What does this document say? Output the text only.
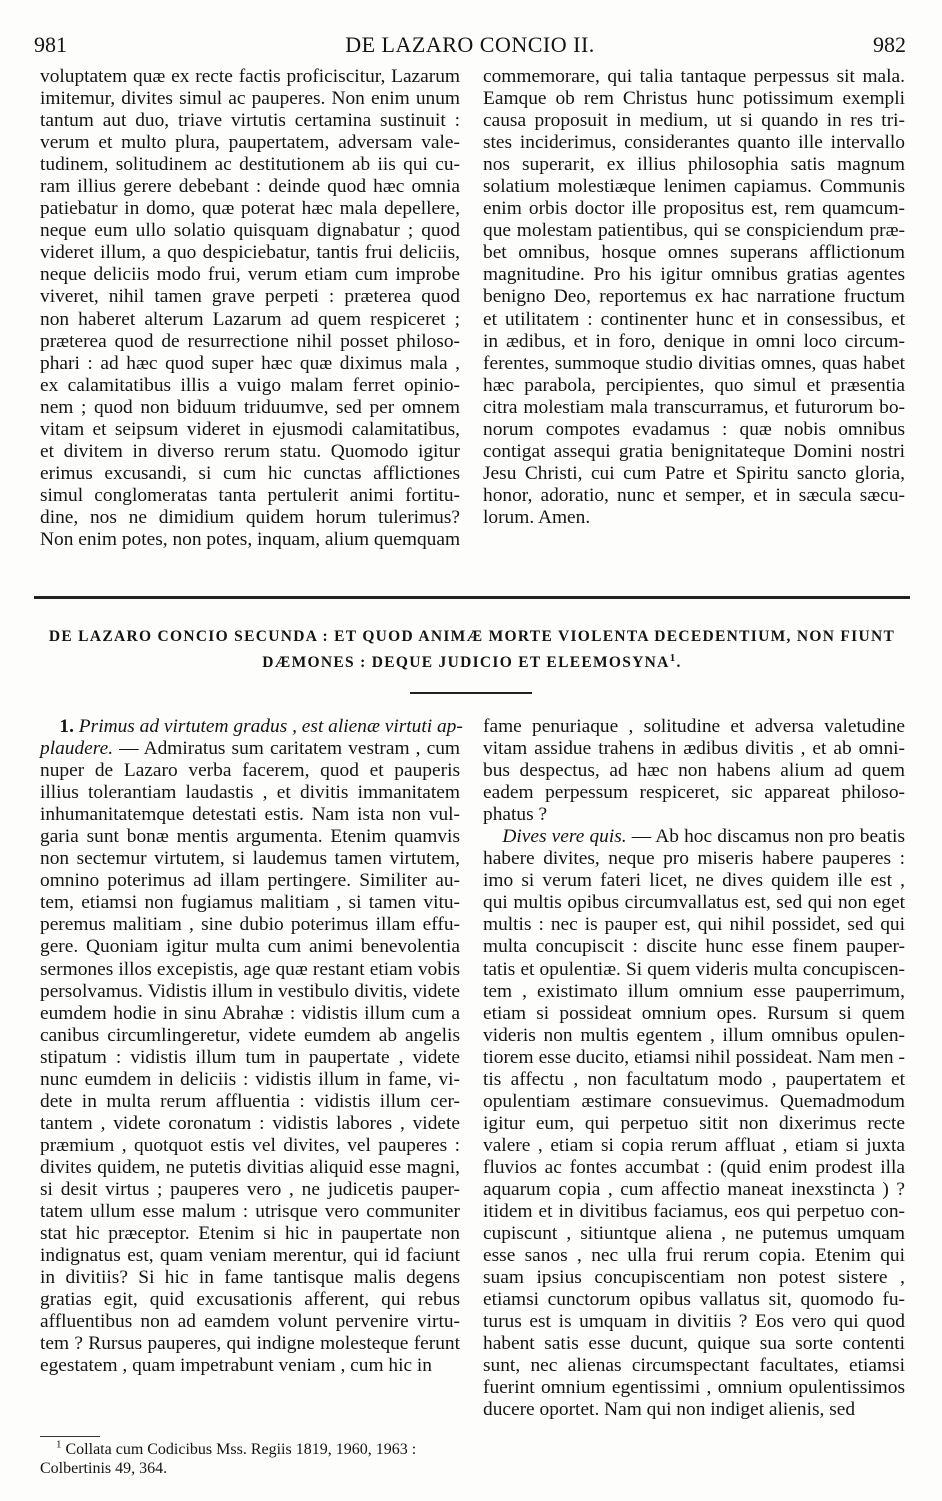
981	DE LAZARO CONCIO II.	982
voluptatem quæ ex recte factis proficiscitur, Lazarum
imitemur, divites simul ac pauperes. Non enim unum
tantum aut duo, triave virtutis certamina sustinuit :
verum et multo plura, paupertatem, adversam vale-
tudinem, solitudinem ac destitutionem ab iis qui cu-
ram illius gerere debebant : deinde quod hæc omnia
patiebatur in domo, quæ poterat hæc mala depellere,
neque eum ullo solatio quisquam dignabatur ; quod
videret illum, a quo despiciebatur, tantis frui deliciis,
neque deliciis modo frui, verum etiam cum improbe
viveret, nihil tamen grave perpeti : præterea quod
non haberet alterum Lazarum ad quem respiceret ;
præterea quod de resurrectione nihil posset philoso-
phari : ad hæc quod super hæc quæ diximus mala ,
ex calamitatibus illis a vuigo malam ferret opinio-
nem ; quod non biduum triduumve, sed per omnem
vitam et seipsum videret in ejusmodi calamitatibus,
et divitem in diverso rerum statu. Quomodo igitur
erimus excusandi, si cum hic cunctas afflictiones
simul conglomeratas tanta pertulerit animi fortitu-
dine, nos ne dimidium quidem horum tulerimus?
Non enim potes, non potes, inquam, alium quemquam
commemorare, qui talia tantaque perpessus sit mala.
Eamque ob rem Christus hunc potissimum exempli
causa proposuit in medium, ut si quando in res tri-
stes inciderimus, considerantes quanto ille intervallo
nos superarit, ex illius philosophia satis magnum
solatium molestiæque lenimen capiamus. Communis
enim orbis doctor ille propositus est, rem quamcum-
que molestam patientibus, qui se conspiciendum præ-
bet omnibus, hosque omnes superans afflictionum
magnitudine. Pro his igitur omnibus gratias agentes
benigno Deo, reportemus ex hac narratione fructum
et utilitatem : continenter hunc et in consessibus, et
in ædibus, et in foro, denique in omni loco circum-
ferentes, summoque studio divitias omnes, quas habet
hæc parabola, percipientes, quo simul et præsentia
citra molestiam mala transcurramus, et futurorum bo-
norum compotes evadamus : quæ nobis omnibus
contigat assequi gratia benignitateque Domini nostri
Jesu Christi, cui cum Patre et Spiritu sancto gloria,
honor, adoratio, nunc et semper, et in sæcula sæcu-
lorum. Amen.
DE LAZARO CONCIO SECUNDA : ET QUOD ANIMÆ MORTE VIOLENTA DECEDENTIUM, NON FIUNT
DÆMONES : DEQUE JUDICIO ET ELEEMOSYNA$^1$.
 1. Primus ad virtutem gradus , est alienæ virtuti ap-
plaudere. — Admiratus sum caritatem vestram , cum
nuper de Lazaro verba facerem, quod et pauperis
illius tolerantiam laudastis , et divitis immanitatem
inhumanitatemque detestati estis. Nam ista non vul-
garia sunt bonæ mentis argumenta. Etenim quamvis
non sectemur virtutem, si laudemus tamen virtutem,
omnino poterimus ad illam pertingere. Similiter au-
tem, etiamsi non fugiamus malitiam , si tamen vitu-
peremus malitiam , sine dubio poterimus illam effu-
gere. Quoniam igitur multa cum animi benevolentia
sermones illos excepistis, age quæ restant etiam vobis
persolvamus. Vidistis illum in vestibulo divitis, videte
eumdem hodie in sinu Abrahæ : vidistis illum cum a
canibus circumlingeretur, videte eumdem ab angelis
stipatum : vidistis illum tum in paupertate , videte
nunc eumdem in deliciis : vidistis illum in fame, vi-
dete in multa rerum affluentia : vidistis illum cer-
tantem , videte coronatum : vidistis labores , videte
præmium , quotquot estis vel divites, vel pauperes :
divites quidem, ne putetis divitias aliquid esse magni,
si desit virtus ; pauperes vero , ne judicetis pauper-
tatem ullum esse malum : utrisque vero communiter
stat hic præceptor. Etenim si hic in paupertate non
indignatus est, quam veniam merentur, qui id faciunt
in divitiis? Si hic in fame tantisque malis degens
gratias egit, quid excusationis afferent, qui rebus
affluentibus non ad eamdem volunt pervenire virtu-
tem ? Rursus pauperes, qui indigne molesteque ferunt
egestatem , quam impetrabunt veniam , cum hic in
fame penuriaque , solitudine et adversa valetudine
vitam assidue trahens in ædibus divitis , et ab omni-
bus despectus, ad hæc non habens alium ad quem
eadem perpessum respiceret, sic appareat philoso-
phatus ?
 Dives vere quis. — Ab hoc discamus non pro beatis
habere divites, neque pro miseris habere pauperes :
imo si verum fateri licet, ne dives quidem ille est ,
qui multis opibus circumvallatus est, sed qui non eget
multis : nec is pauper est, qui nihil possidet, sed qui
multa concupiscit : discite hunc esse finem pauper-
tatis et opulentiæ. Si quem videris multa concupiscen-
tem , existimato illum omnium esse pauperrimum,
etiam si possideat omnium opes. Rursum si quem
videris non multis egentem , illum omnibus opulen-
tiorem esse ducito, etiamsi nihil possideat. Nam men -
tis affectu , non facultatum modo , paupertatem et
opulentiam æstimare consuevimus. Quemadmodum
igitur eum, qui perpetuo sitit non dixerimus recte
valere , etiam si copia rerum affluat , etiam si juxta
fluvios ac fontes accumbat : (quid enim prodest illa
aquarum copia , cum affectio maneat inexstincta ) ?
itidem et in divitibus faciamus, eos qui perpetuo con-
cupiscunt , sitiuntque aliena , ne putemus umquam
esse sanos , nec ulla frui rerum copia. Etenim qui
suam ipsius concupiscentiam non potest sistere ,
etiamsi cunctorum opibus vallatus sit, quomodo fu-
turus est is umquam in divitiis ? Eos vero qui quod
habent satis esse ducunt, quique sua sorte contenti
sunt, nec alienas circumspectant facultates, etiamsi
fuerint omnium egentissimi , omnium opulentissimos
ducere oportet. Nam qui non indiget alienis, sed
 $^1$ Collata cum Codicibus Mss. Regiis 1819, 1960, 1963 :
Colbertinis 49, 364.
